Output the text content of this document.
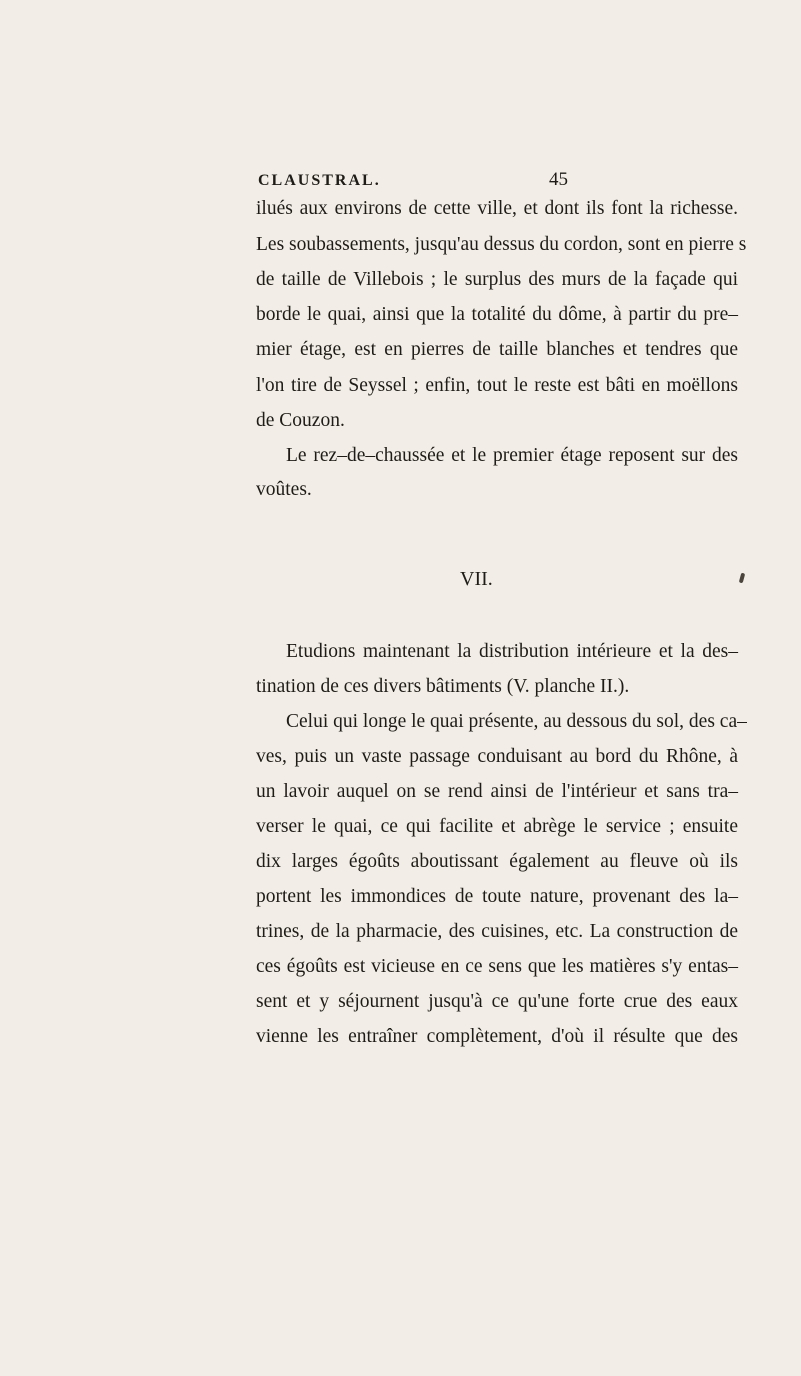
CLAUSTRAL.	45
ilués aux environs de cette ville, et dont ils font la richesse.
Les soubassements, jusqu'au dessus du cordon, sont en pierre s
de taille de Villebois ; le surplus des murs de la façade qui
borde le quai, ainsi que la totalité du dôme, à partir du pre–
mier étage, est en pierres de taille blanches et tendres que
l'on tire de Seyssel ; enfin, tout le reste est bâti en moëllons
de Couzon.
Le rez–de–chaussée et le premier étage reposent sur des
voûtes.
VII.
Etudions maintenant la distribution intérieure et la des–
tination de ces divers bâtiments (V. planche II.).
Celui qui longe le quai présente, au dessous du sol, des ca–
ves, puis un vaste passage conduisant au bord du Rhône, à
un lavoir auquel on se rend ainsi de l'intérieur et sans tra–
verser le quai, ce qui facilite et abrège le service ; ensuite
dix larges égoûts aboutissant également au fleuve où ils
portent les immondices de toute nature, provenant des la–
trines, de la pharmacie, des cuisines, etc. La construction de
ces égoûts est vicieuse en ce sens que les matières s'y entas–
sent et y séjournent jusqu'à ce qu'une forte crue des eaux
vienne les entraîner complètement, d'où il résulte que des
